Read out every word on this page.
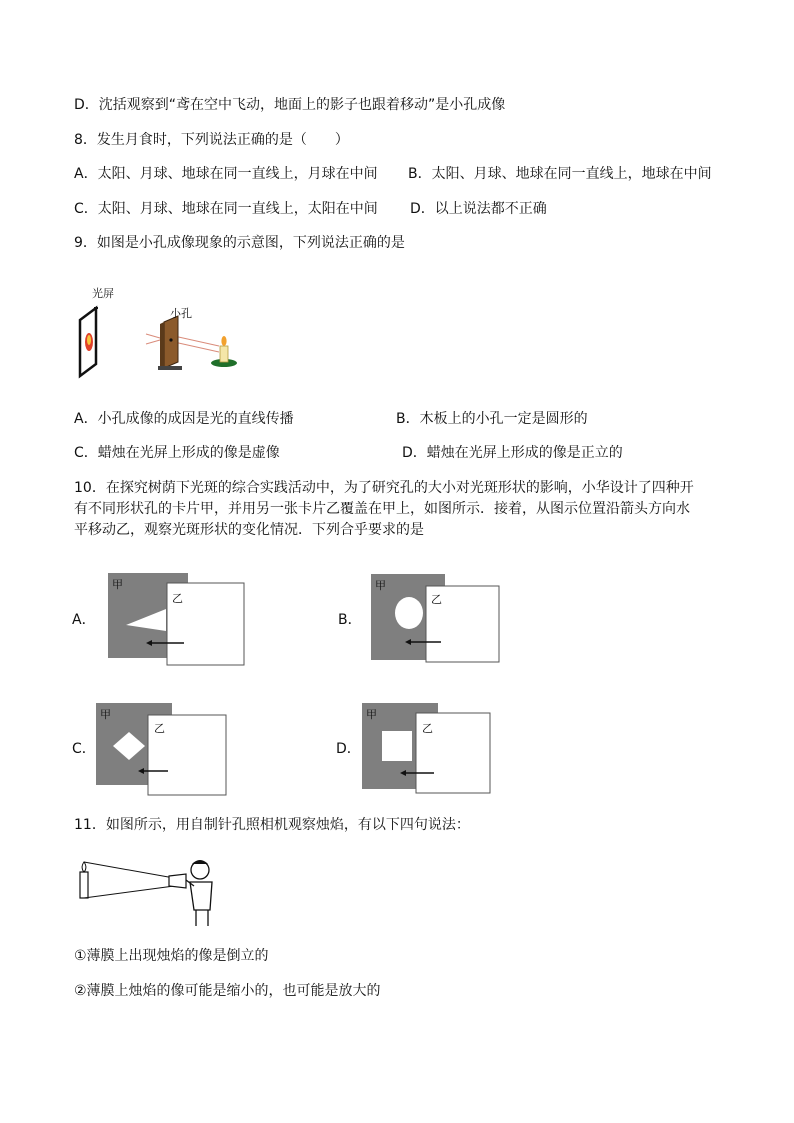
D．沈括观察到“鸢在空中飞动，地面上的影子也跟着移动”是小孔成像
8．发生月食时，下列说法正确的是（　　）
A．太阳、月球、地球在同一直线上，月球在中间 B．太阳、月球、地球在同一直线上，地球在中间
C．太阳、月球、地球在同一直线上，太阳在中间 D．以上说法都不正确
9．如图是小孔成像现象的示意图，下列说法正确的是
光屏
小孔
A．小孔成像的成因是光的直线传播	B．木板上的小孔一定是圆形的
C．蜡烛在光屏上形成的像是虚像	D．蜡烛在光屏上形成的像是正立的
10．在探究树荫下光斑的综合实践活动中，为了研究孔的大小对光斑形状的影响，小华设计了四种开
有不同形状孔的卡片甲，并用另一张卡片乙覆盖在甲上，如图所示．接着，从图示位置沿箭头方向水
平移动乙，观察光斑形状的变化情况．下列合乎要求的是
A．
甲
乙
B．
甲
乙
C．
甲
乙
D．
甲
乙
11．如图所示，用自制针孔照相机观察烛焰，有以下四句说法：
①薄膜上出现烛焰的像是倒立的
②薄膜上烛焰的像可能是缩小的，也可能是放大的
